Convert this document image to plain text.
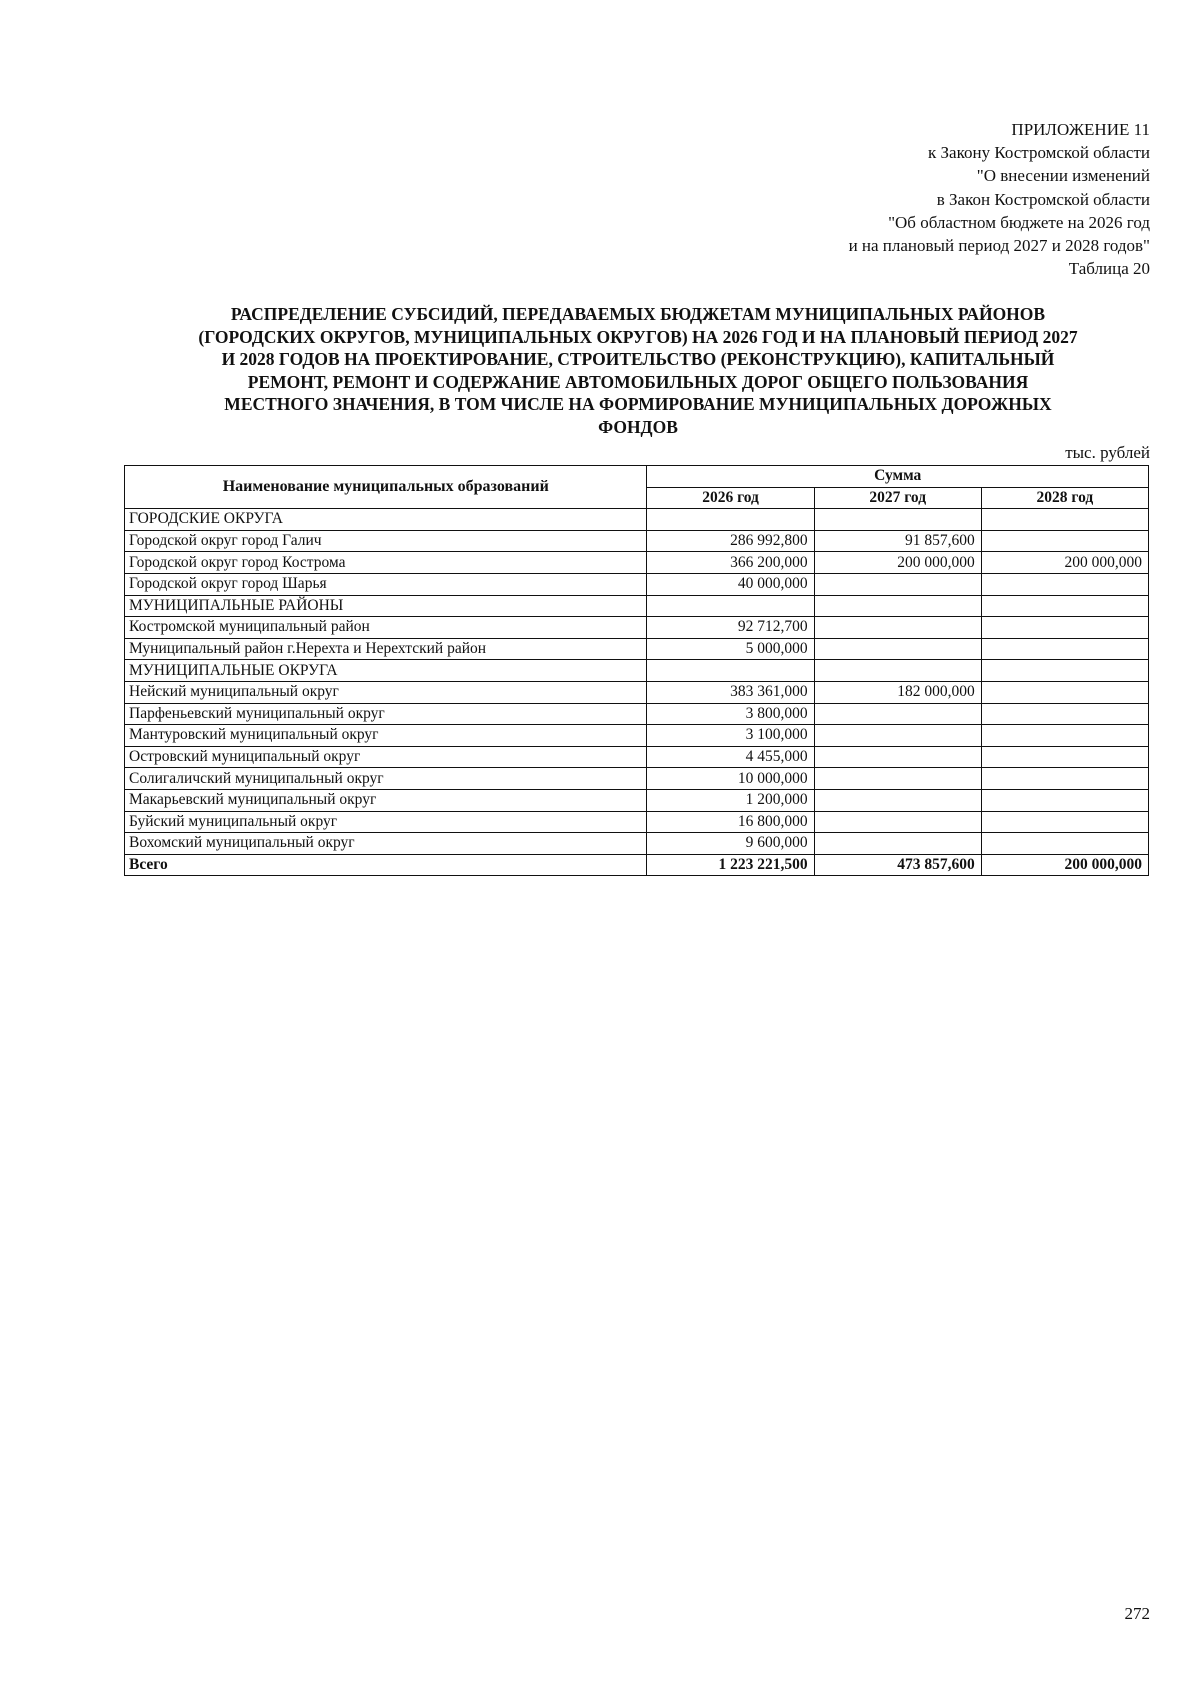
ПРИЛОЖЕНИЕ 11
к Закону Костромской области
"О внесении изменений
в Закон Костромской области
"Об областном бюджете на 2026 год
и на плановый период 2027 и 2028 годов"
Таблица 20
РАСПРЕДЕЛЕНИЕ СУБСИДИЙ, ПЕРЕДАВАЕМЫХ БЮДЖЕТАМ МУНИЦИПАЛЬНЫХ РАЙОНОВ
(ГОРОДСКИХ ОКРУГОВ, МУНИЦИПАЛЬНЫХ ОКРУГОВ) НА 2026 ГОД И НА ПЛАНОВЫЙ ПЕРИОД 2027
И 2028 ГОДОВ НА ПРОЕКТИРОВАНИЕ, СТРОИТЕЛЬСТВО (РЕКОНСТРУКЦИЮ), КАПИТАЛЬНЫЙ
РЕМОНТ, РЕМОНТ И СОДЕРЖАНИЕ АВТОМОБИЛЬНЫХ ДОРОГ ОБЩЕГО ПОЛЬЗОВАНИЯ
МЕСТНОГО ЗНАЧЕНИЯ, В ТОМ ЧИСЛЕ НА ФОРМИРОВАНИЕ МУНИЦИПАЛЬНЫХ ДОРОЖНЫХ
ФОНДОВ
тыс. рублей
Наименование муниципальных образований	Сумма		
	2026 год	2027 год	2028 год
ГОРОДСКИЕ ОКРУГА			
Городской округ город Галич	286 992,800	91 857,600	
Городской округ город Кострома	366 200,000	200 000,000	200 000,000
Городской округ город Шарья	40 000,000		
МУНИЦИПАЛЬНЫЕ РАЙОНЫ			
Костромской муниципальный район	92 712,700		
Муниципальный район г.Нерехта и Нерехтский район	5 000,000		
МУНИЦИПАЛЬНЫЕ ОКРУГА			
Нейский муниципальный округ	383 361,000	182 000,000	
Парфеньевский муниципальный округ	3 800,000		
Мантуровский муниципальный округ	3 100,000		
Островский муниципальный округ	4 455,000		
Солигаличский муниципальный округ	10 000,000		
Макарьевский муниципальный округ	1 200,000		
Буйский муниципальный округ	16 800,000		
Вохомский муниципальный округ	9 600,000		
Всего	1 223 221,500	473 857,600	200 000,000
272
